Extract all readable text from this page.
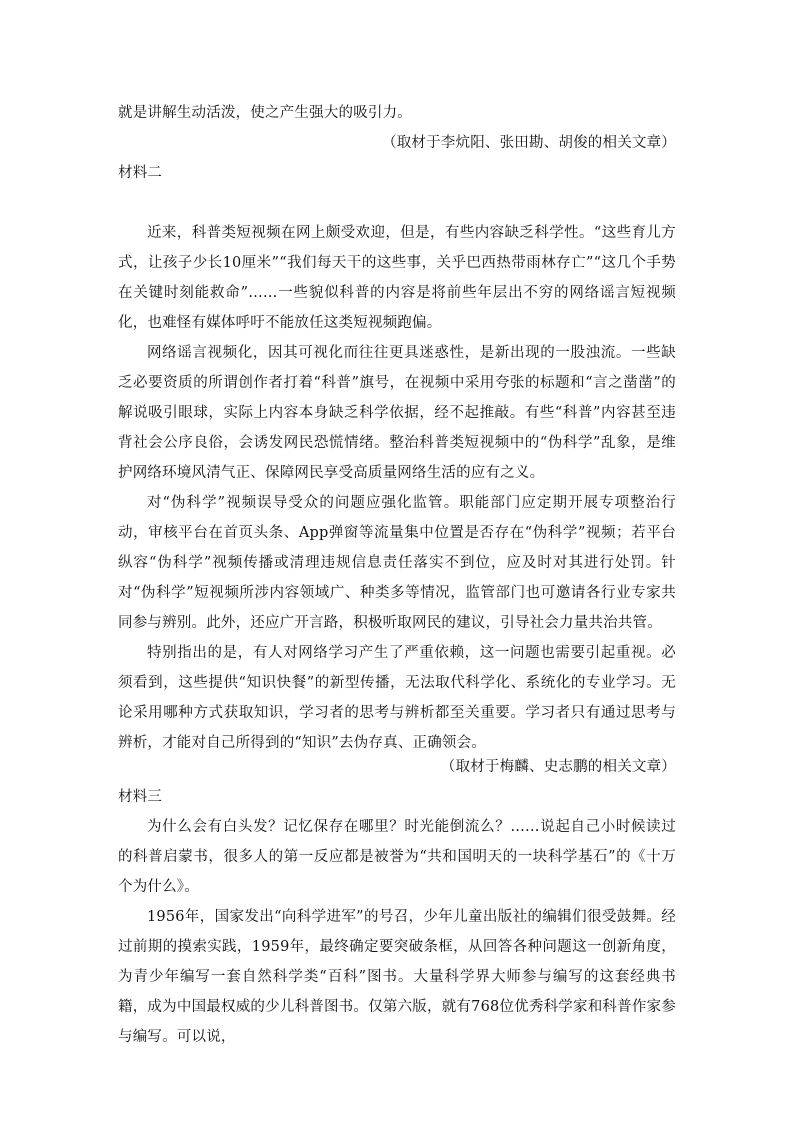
就是讲解生动活泼，使之产生强大的吸引力。

（取材于李炕阳、张田勘、胡俊的相关文章）

材料二

近来，科普类短视频在网上颇受欢迎，但是，有些内容缺乏科学性。“这些育儿方式，让孩子少长10厘米”“我们每天干的这些事，关乎巴西热带雨林存亡”“这几个手势在关键时刻能救命”……一些貌似科普的内容是将前些年层出不穷的网络谣言短视频化，也难怪有媒体呼吁不能放任这类短视频跑偏。

网络谣言视频化，因其可视化而往往更具迷惑性，是新出现的一股浊流。一些缺乏必要资质的所谓创作者打着“科普”旗号，在视频中采用夸张的标题和“言之凿凿”的解说吸引眼球，实际上内容本身缺乏科学依据，经不起推敲。有些“科普”内容甚至违背社会公序良俗，会诱发网民恐慌情绪。整治科普类短视频中的“伪科学”乱象，是维护网络环境风清气正、保障网民享受高质量网络生活的应有之义。

对“伪科学”视频误导受众的问题应强化监管。职能部门应定期开展专项整治行动，审核平台在首页头条、App弹窗等流量集中位置是否存在“伪科学”视频；若平台纵容“伪科学”视频传播或清理违规信息责任落实不到位，应及时对其进行处罚。针对“伪科学”短视频所涉内容领域广、种类多等情况，监管部门也可邀请各行业专家共同参与辨别。此外，还应广开言路，积极听取网民的建议，引导社会力量共治共管。

特别指出的是，有人对网络学习产生了严重依赖，这一问题也需要引起重视。必须看到，这些提供“知识快餐”的新型传播，无法取代科学化、系统化的专业学习。无论采用哪种方式获取知识，学习者的思考与辨析都至关重要。学习者只有通过思考与辨析，才能对自己所得到的“知识”去伪存真、正确领会。

（取材于梅麟、史志鹏的相关文章）

材料三

为什么会有白头发？记忆保存在哪里？时光能倒流么？……说起自己小时候读过的科普启蒙书，很多人的第一反应都是被誉为“共和国明天的一块科学基石”的《十万个为什么》。

1956年，国家发出“向科学进军”的号召，少年儿童出版社的编辑们很受鼓舞。经过前期的摸索实践，1959年，最终确定要突破条框，从回答各种问题这一创新角度，为青少年编写一套自然科学类“百科”图书。大量科学界大师参与编写的这套经典书籍，成为中国最权威的少儿科普图书。仅第六版，就有768位优秀科学家和科普作家参与编写。可以说，
